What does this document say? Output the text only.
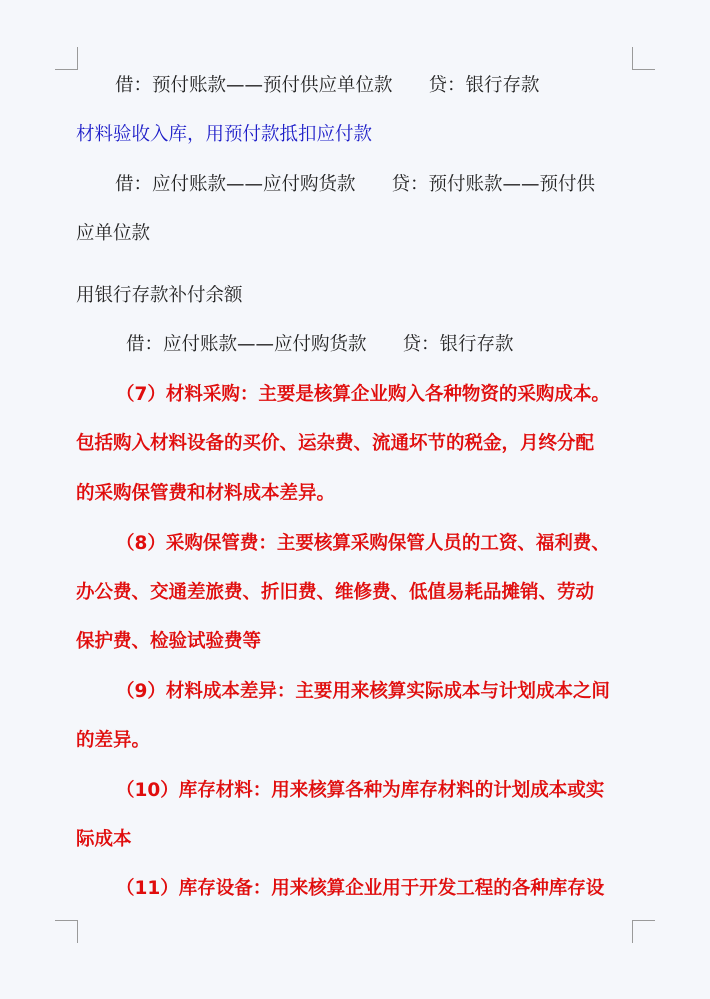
借：预付账款——预付供应单位款 贷：银行存款

材料验收入库，用预付款抵扣应付款

借：应付账款——应付购货款 贷：预付账款——预付供

应单位款

用银行存款补付余额

借：应付账款——应付购货款 贷：银行存款

（7）材料采购：主要是核算企业购入各种物资的采购成本。

包括购入材料设备的买价、运杂费、流通坏节的税金，月终分配

的采购保管费和材料成本差异。

（8）采购保管费：主要核算采购保管人员的工资、福利费、

办公费、交通差旅费、折旧费、维修费、低值易耗品摊销、劳动

保护费、检验试验费等

（9）材料成本差异：主要用来核算实际成本与计划成本之间

的差异。

（10）库存材料：用来核算各种为库存材料的计划成本或实

际成本

（11）库存设备：用来核算企业用于开发工程的各种库存设
